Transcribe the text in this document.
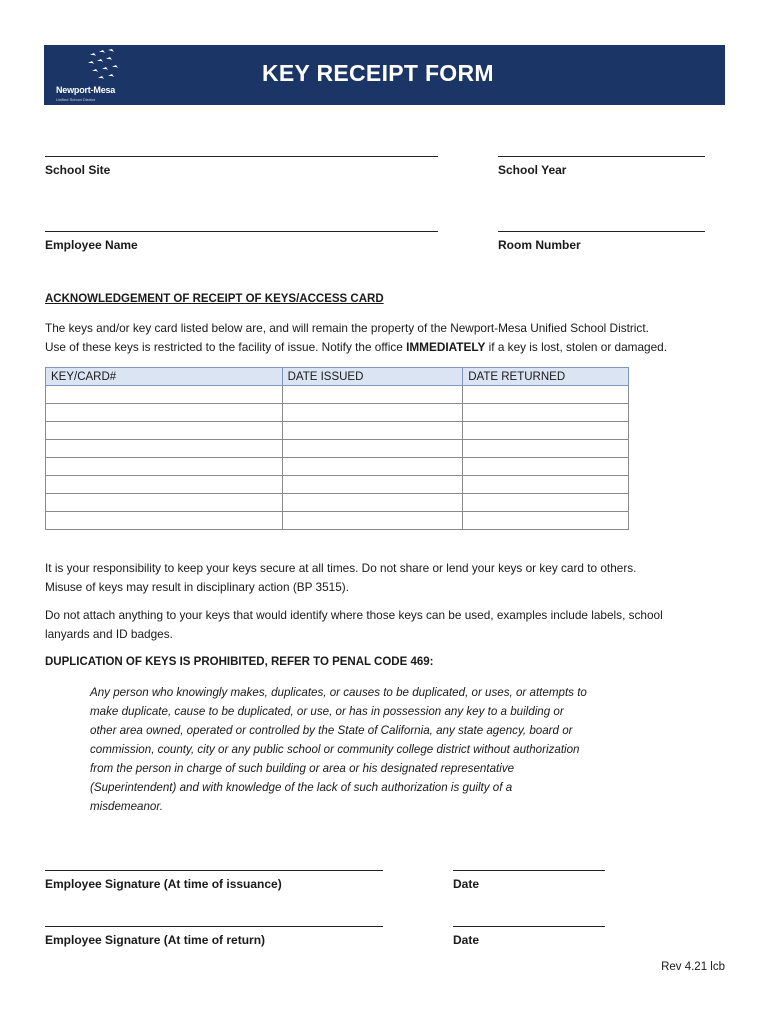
Newport-Mesa
Unified School District
KEY RECEIPT FORM
School Site	School Year
Employee Name	Room Number
ACKNOWLEDGEMENT OF RECEIPT OF KEYS/ACCESS CARD

The keys and/or key card listed below are, and will remain the property of the Newport-Mesa Unified School District.
Use of these keys is restricted to the facility of issue. Notify the office IMMEDIATELY if a key is lost, stolen or damaged.

KEY/CARD#	DATE ISSUED	DATE RETURNED

It is your responsibility to keep your keys secure at all times. Do not share or lend your keys or key card to others.
Misuse of keys may result in disciplinary action (BP 3515).

Do not attach anything to your keys that would identify where those keys can be used, examples include labels, school
lanyards and ID badges.

DUPLICATION OF KEYS IS PROHIBITED, REFER TO PENAL CODE 469:

Any person who knowingly makes, duplicates, or causes to be duplicated, or uses, or attempts to
make duplicate, cause to be duplicated, or use, or has in possession any key to a building or
other area owned, operated or controlled by the State of California, any state agency, board or
commission, county, city or any public school or community college district without authorization
from the person in charge of such building or area or his designated representative
(Superintendent) and with knowledge of the lack of such authorization is guilty of a
misdemeanor.

Employee Signature (At time of issuance)	Date
Employee Signature (At time of return)	Date

Rev 4.21 lcb
